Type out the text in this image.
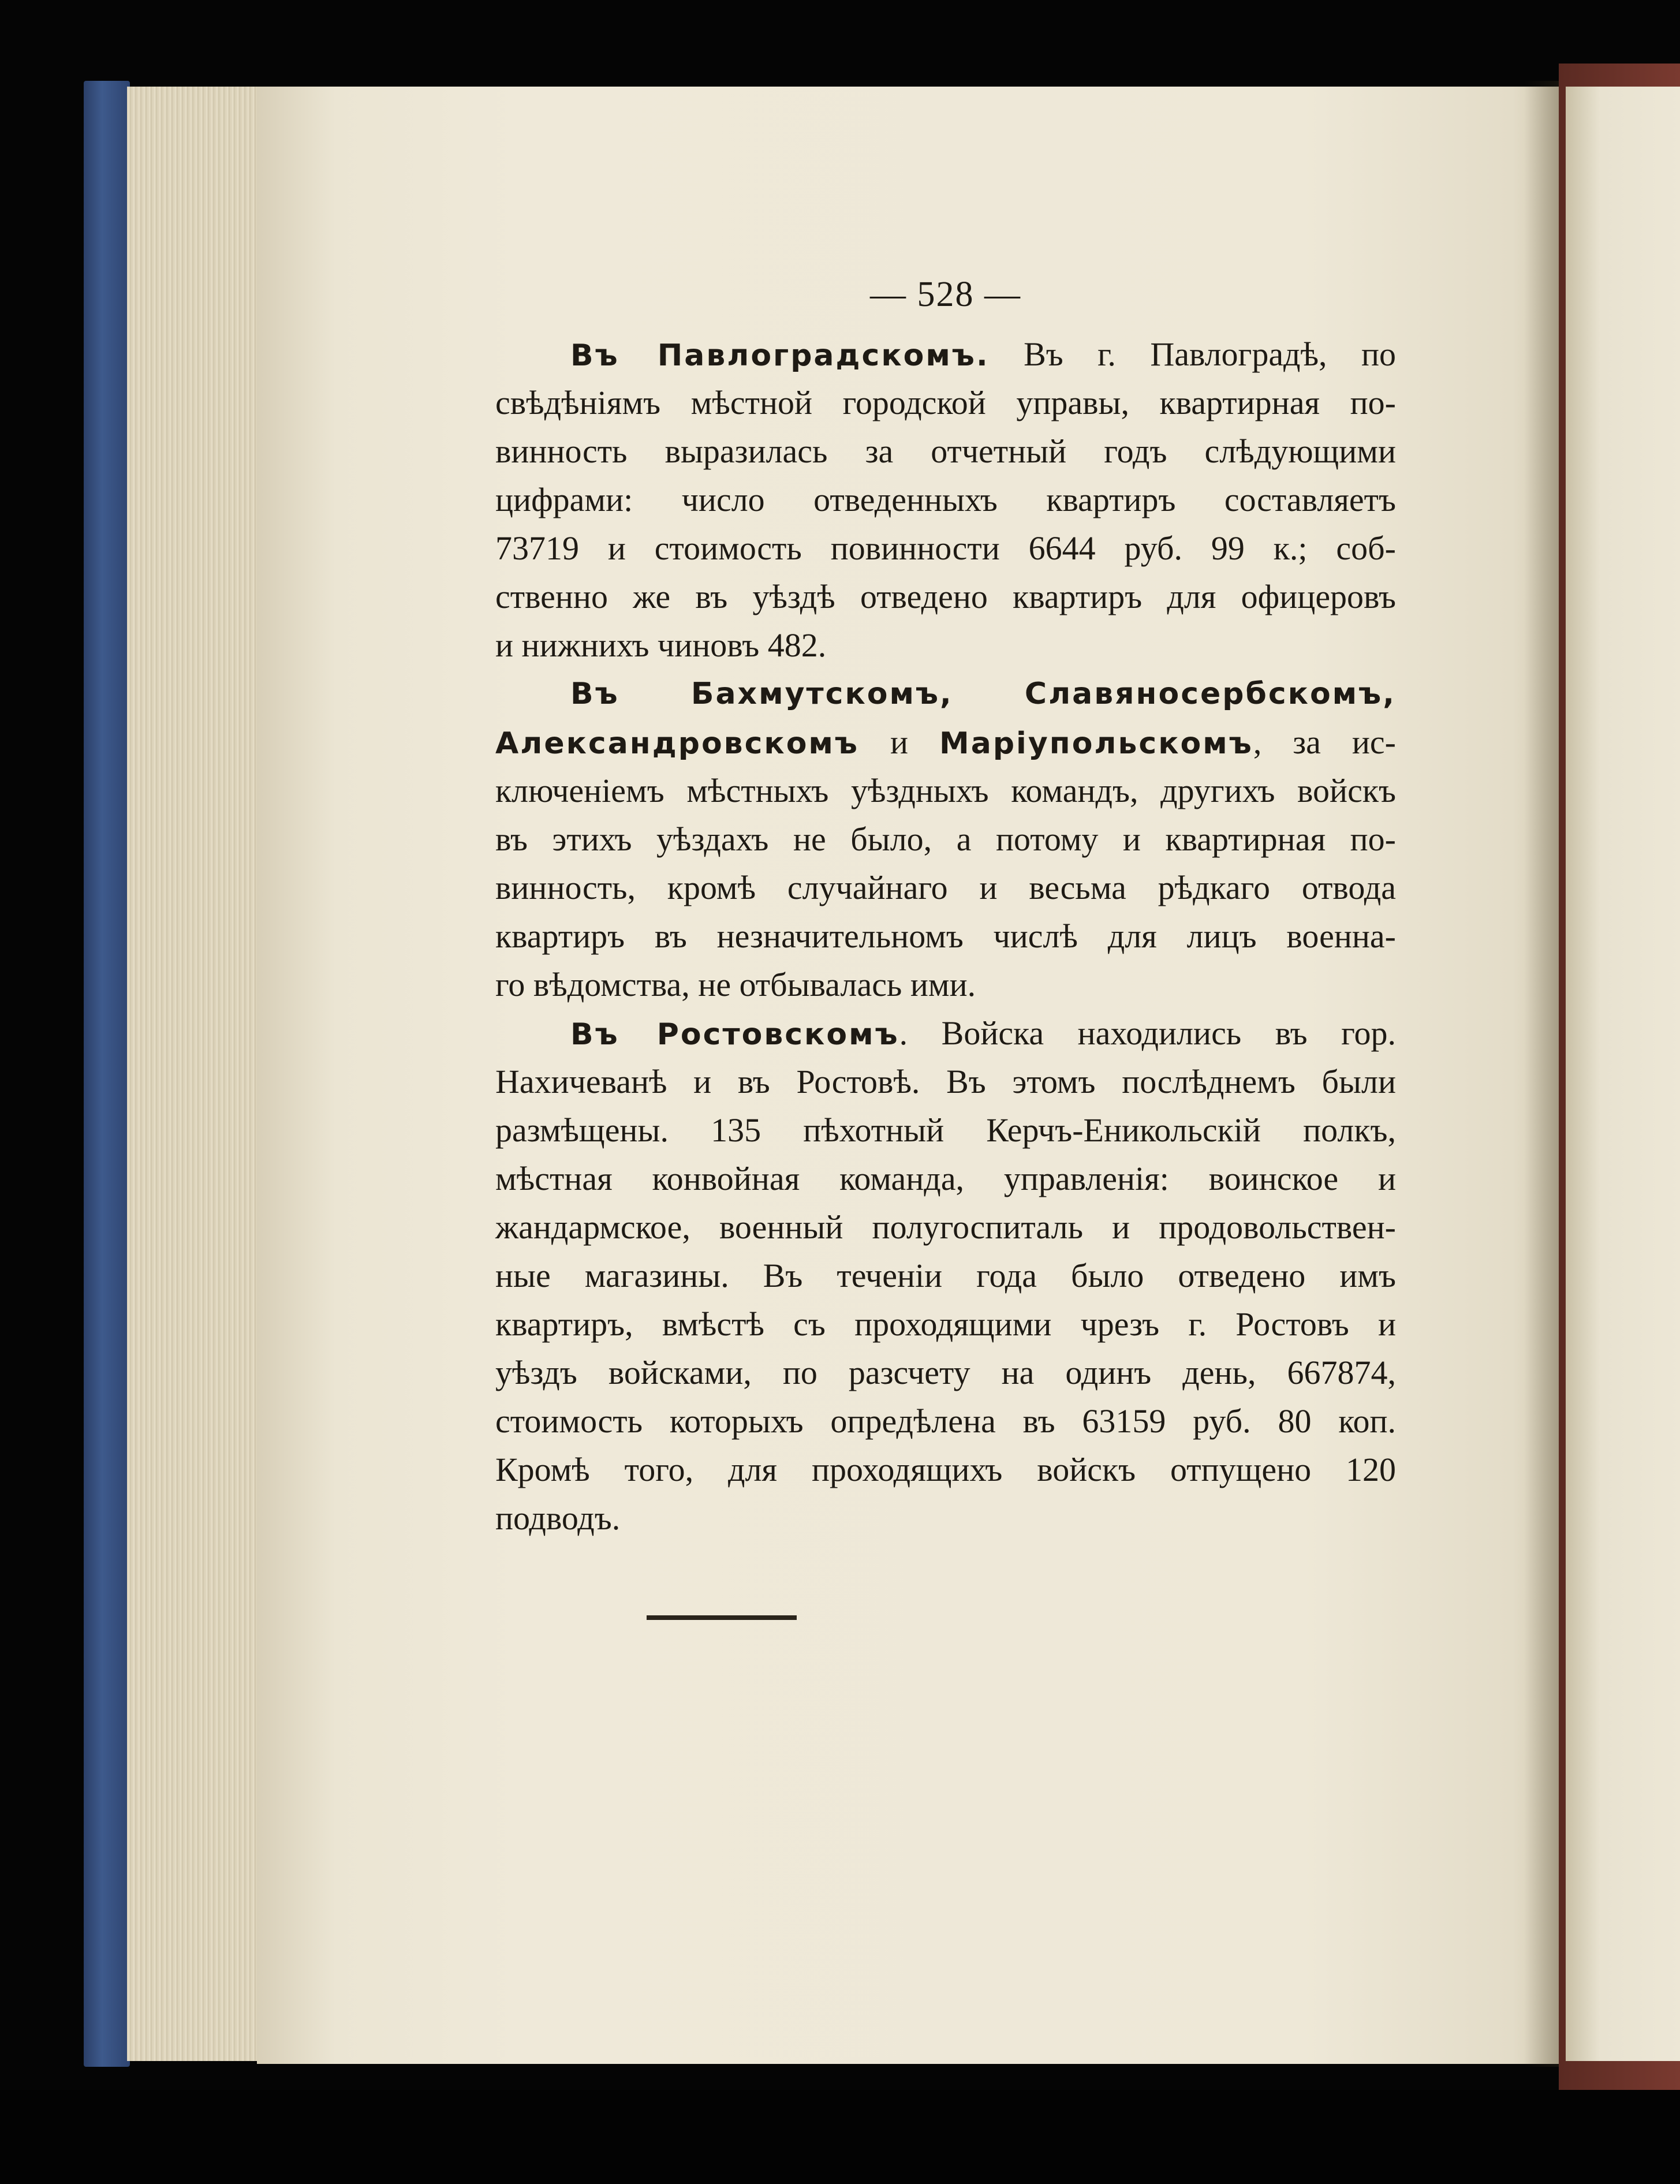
— 528 —
Въ Павлоградскомъ. Въ г. Павлоградѣ, по
свѣдѣніямъ мѣстной городской управы, квартирная по-
винность выразилась за отчетный годъ слѣдующими
цифрами: число отведенныхъ квартиръ составляетъ
73719 и стоимость повинности 6644 руб. 99 к.; соб-
ственно же въ уѣздѣ отведено квартиръ для офицеровъ
и нижнихъ чиновъ 482.
Въ Бахмутскомъ, Славяносербскомъ,
Александровскомъ и Маріупольскомъ, за ис-
ключеніемъ мѣстныхъ уѣздныхъ командъ, другихъ войскъ
въ этихъ уѣздахъ не было, а потому и квартирная по-
винность, кромѣ случайнаго и весьма рѣдкаго отвода
квартиръ въ незначительномъ числѣ для лицъ военна-
го вѣдомства, не отбывалась ими.
Въ Ростовскомъ. Войска находились въ гор.
Нахичеванѣ и въ Ростовѣ. Въ этомъ послѣднемъ были
размѣщены. 135 пѣхотный Керчъ-Еникольскій полкъ,
мѣстная конвойная команда, управленія: воинское и
жандармское, военный полугоспиталь и продовольствен-
ные магазины. Въ теченіи года было отведено имъ
квартиръ, вмѣстѣ съ проходящими чрезъ г. Ростовъ и
уѣздъ войсками, по разсчету на одинъ день, 667874,
стоимость которыхъ опредѣлена въ 63159 руб. 80 коп.
Кромѣ того, для проходящихъ войскъ отпущено 120
подводъ.
